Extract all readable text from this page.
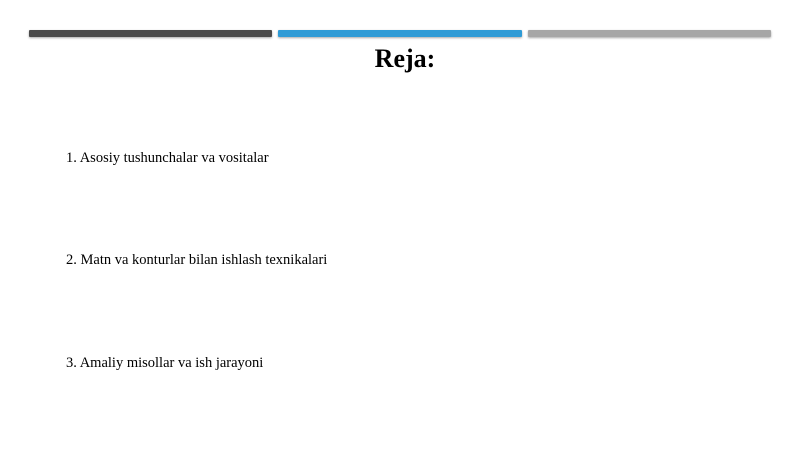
Reja:
1. Asosiy tushunchalar va vositalar
2. Matn va konturlar bilan ishlash texnikalari
3. Amaliy misollar va ish jarayoni
